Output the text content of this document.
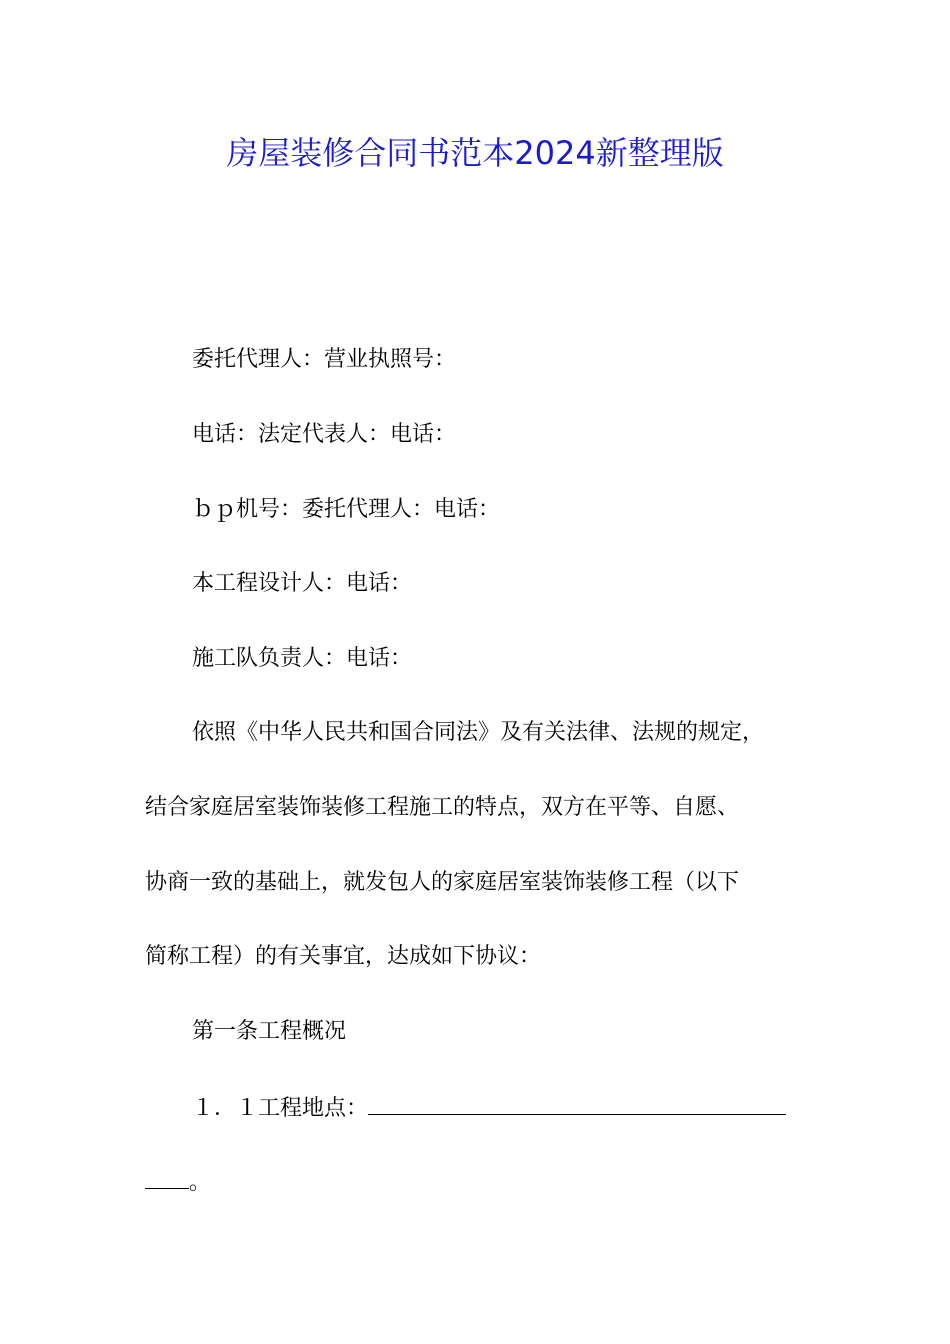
房屋装修合同书范本2024新整理版
委托代理人：营业执照号：
电话：法定代表人：电话：
ｂｐ机号：委托代理人：电话：
本工程设计人：电话：
施工队负责人：电话：
依照《中华人民共和国合同法》及有关法律、法规的规定，
结合家庭居室装饰装修工程施工的特点，双方在平等、自愿、
协商一致的基础上，就发包人的家庭居室装饰装修工程（以下
简称工程）的有关事宜，达成如下协议：
第一条工程概况
１．１工程地点：
。
